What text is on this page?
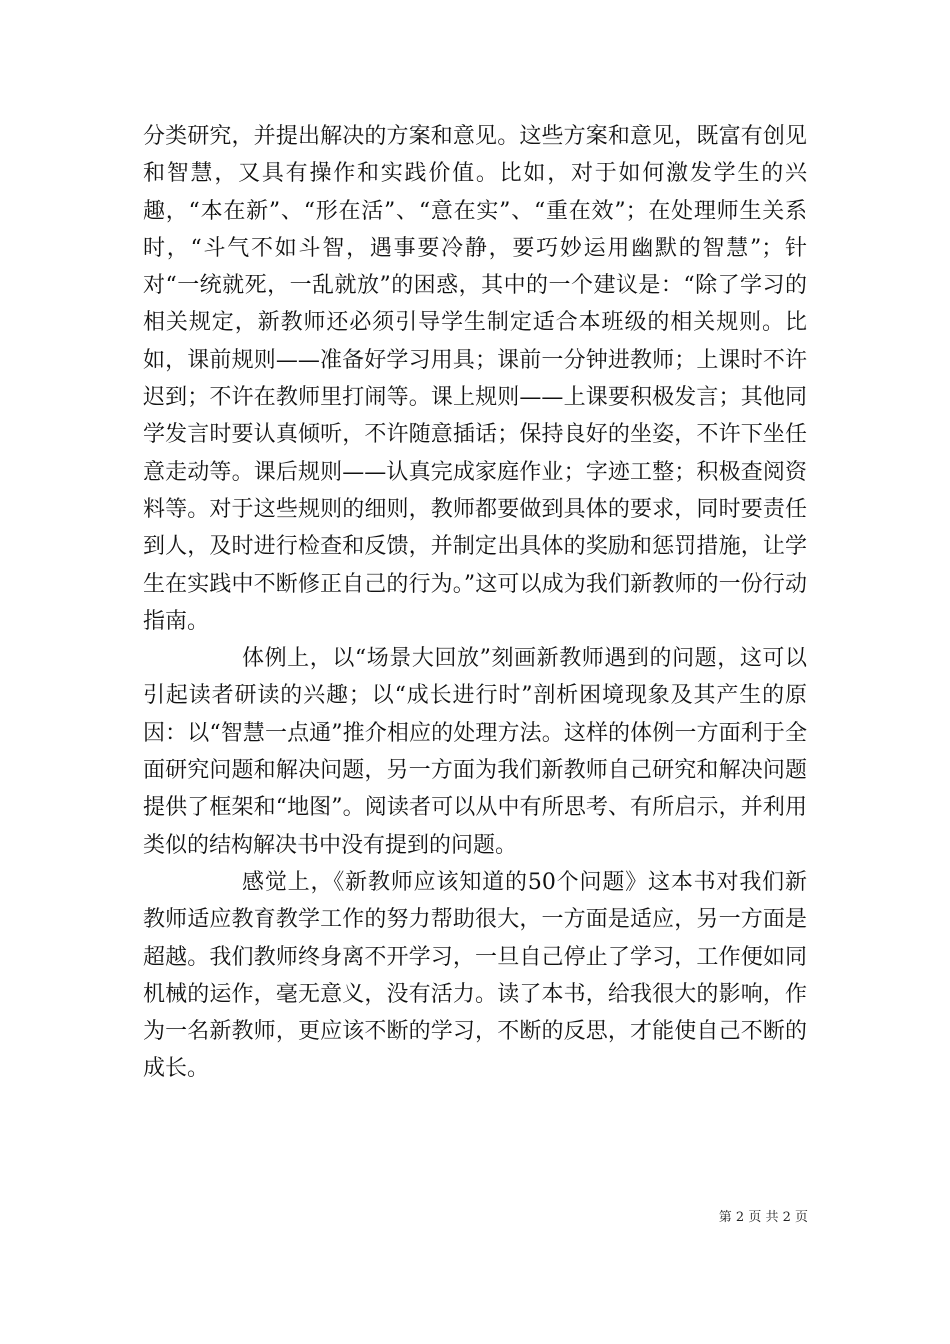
分类研究，并提出解决的方案和意见。这些方案和意见，既富有创见和智慧，又具有操作和实践价值。比如，对于如何激发学生的兴趣，“本在新”、“形在活”、“意在实”、“重在效”；在处理师生关系时，“斗气不如斗智，遇事要冷静，要巧妙运用幽默的智慧”；针对“一统就死，一乱就放”的困惑，其中的一个建议是：“除了学习的相关规定，新教师还必须引导学生制定适合本班级的相关规则。比如，课前规则——准备好学习用具；课前一分钟进教师；上课时不许迟到；不许在教师里打闹等。课上规则——上课要积极发言；其他同学发言时要认真倾听，不许随意插话；保持良好的坐姿，不许下坐任意走动等。课后规则——认真完成家庭作业；字迹工整；积极查阅资料等。对于这些规则的细则，教师都要做到具体的要求，同时要责任到人，及时进行检查和反馈，并制定出具体的奖励和惩罚措施，让学生在实践中不断修正自己的行为。”这可以成为我们新教师的一份行动指南。

体例上，以“场景大回放”刻画新教师遇到的问题，这可以引起读者研读的兴趣；以“成长进行时”剖析困境现象及其产生的原因：以“智慧一点通”推介相应的处理方法。这样的体例一方面利于全面研究问题和解决问题，另一方面为我们新教师自己研究和解决问题提供了框架和“地图”。阅读者可以从中有所思考、有所启示，并利用类似的结构解决书中没有提到的问题。

感觉上，《新教师应该知道的50个问题》这本书对我们新教师适应教育教学工作的努力帮助很大，一方面是适应，另一方面是超越。我们教师终身离不开学习，一旦自己停止了学习，工作便如同机械的运作，毫无意义，没有活力。读了本书，给我很大的影响，作为一名新教师，更应该不断的学习，不断的反思，才能使自己不断的成长。

第 2 页 共 2 页
